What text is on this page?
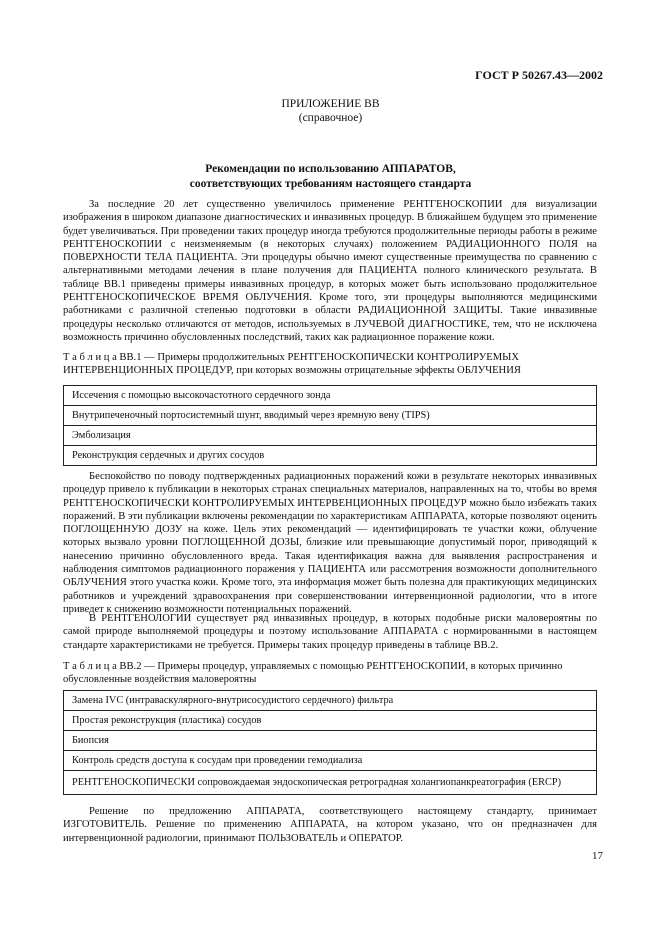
ГОСТ Р 50267.43—2002
ПРИЛОЖЕНИЕ ВВ
(справочное)
Рекомендации по использованию АППАРАТОВ,
соответствующих требованиям настоящего стандарта

За последние 20 лет существенно увеличилось применение РЕНТГЕНОСКОПИИ для визуализации изображения в широком диапазоне диагностических и инвазивных процедур. В ближайшем будущем это применение будет увеличиваться. При проведении таких процедур иногда требуются продолжительные периоды работы в режиме РЕНТГЕНОСКОПИИ с неизменяемым (в некоторых случаях) положением РАДИАЦИОННОГО ПОЛЯ на ПОВЕРХНОСТИ ТЕЛА ПАЦИЕНТА. Эти процедуры обычно имеют существенные преимущества по сравнению с альтернативными методами лечения в плане получения для ПАЦИЕНТА полного клинического результата. В таблице ВВ.1 приведены примеры инвазивных процедур, в которых может быть использовано продолжительное РЕНТГЕНОСКОПИЧЕСКОЕ ВРЕМЯ ОБЛУЧЕНИЯ. Кроме того, эти процедуры выполняются медицинскими работниками с различной степенью подготовки в области РАДИАЦИОННОЙ ЗАЩИТЫ. Такие инвазивные процедуры несколько отличаются от методов, используемых в ЛУЧЕВОЙ ДИАГНОСТИКЕ, тем, что не исключена возможность причинно обусловленных последствий, таких как радиационное поражение кожи.

Т а б л и ц а ВВ.1 — Примеры продолжительных РЕНТГЕНОСКОПИЧЕСКИ КОНТРОЛИРУЕМЫХ ИНТЕРВЕНЦИОННЫХ ПРОЦЕДУР, при которых возможны отрицательные эффекты ОБЛУЧЕНИЯ

Иссечения с помощью высокочастотного сердечного зонда
Внутрипеченочный портосистемный шунт, вводимый через яремную вену (TIPS)
Эмболизация
Реконструкция сердечных и других сосудов

Беспокойство по поводу подтвержденных радиационных поражений кожи в результате некоторых инвазивных процедур привело к публикации в некоторых странах специальных материалов, направленных на то, чтобы во время РЕНТГЕНОСКОПИЧЕСКИ КОНТРОЛИРУЕМЫХ ИНТЕРВЕНЦИОННЫХ ПРОЦЕДУР можно было избежать таких поражений. В эти публикации включены рекомендации по характеристикам АППАРАТА, которые позволяют оценить ПОГЛОЩЕННУЮ ДОЗУ на коже. Цель этих рекомендаций — идентифицировать те участки кожи, облучение которых вызвало уровни ПОГЛОЩЕННОЙ ДОЗЫ, близкие или превышающие допустимый порог, приводящий к нанесению причинно обусловленного вреда. Такая идентификация важна для выявления распространения и наблюдения симптомов радиационного поражения у ПАЦИЕНТА или рассмотрения возможности дополнительного ОБЛУЧЕНИЯ этого участка кожи. Кроме того, эта информация может быть полезна для практикующих медицинских работников и учреждений здравоохранения при совершенствовании интервенционной радиологии, что в итоге приведет к снижению возможности потенциальных поражений.

В РЕНТГЕНОЛОГИИ существует ряд инвазивных процедур, в которых подобные риски маловероятны по самой природе выполняемой процедуры и поэтому использование АППАРАТА с нормированными в настоящем стандарте характеристиками не требуется. Примеры таких процедур приведены в таблице ВВ.2.

Т а б л и ц а ВВ.2 — Примеры процедур, управляемых с помощью РЕНТГЕНОСКОПИИ, в которых причинно обусловленные воздействия маловероятны

Замена IVC (интраваскулярного-внутрисосудистого сердечного) фильтра
Простая реконструкция (пластика) сосудов
Биопсия
Контроль средств доступа к сосудам при проведении гемодиализа
РЕНТГЕНОСКОПИЧЕСКИ сопровождаемая эндоскопическая ретроградная холангиопанкреатография (ERCP)

Решение по предложению АППАРАТА, соответствующего настоящему стандарту, принимает ИЗГОТОВИТЕЛЬ. Решение по применению АППАРАТА, на котором указано, что он предназначен для интервенционной радиологии, принимают ПОЛЬЗОВАТЕЛЬ и ОПЕРАТОР.

17
